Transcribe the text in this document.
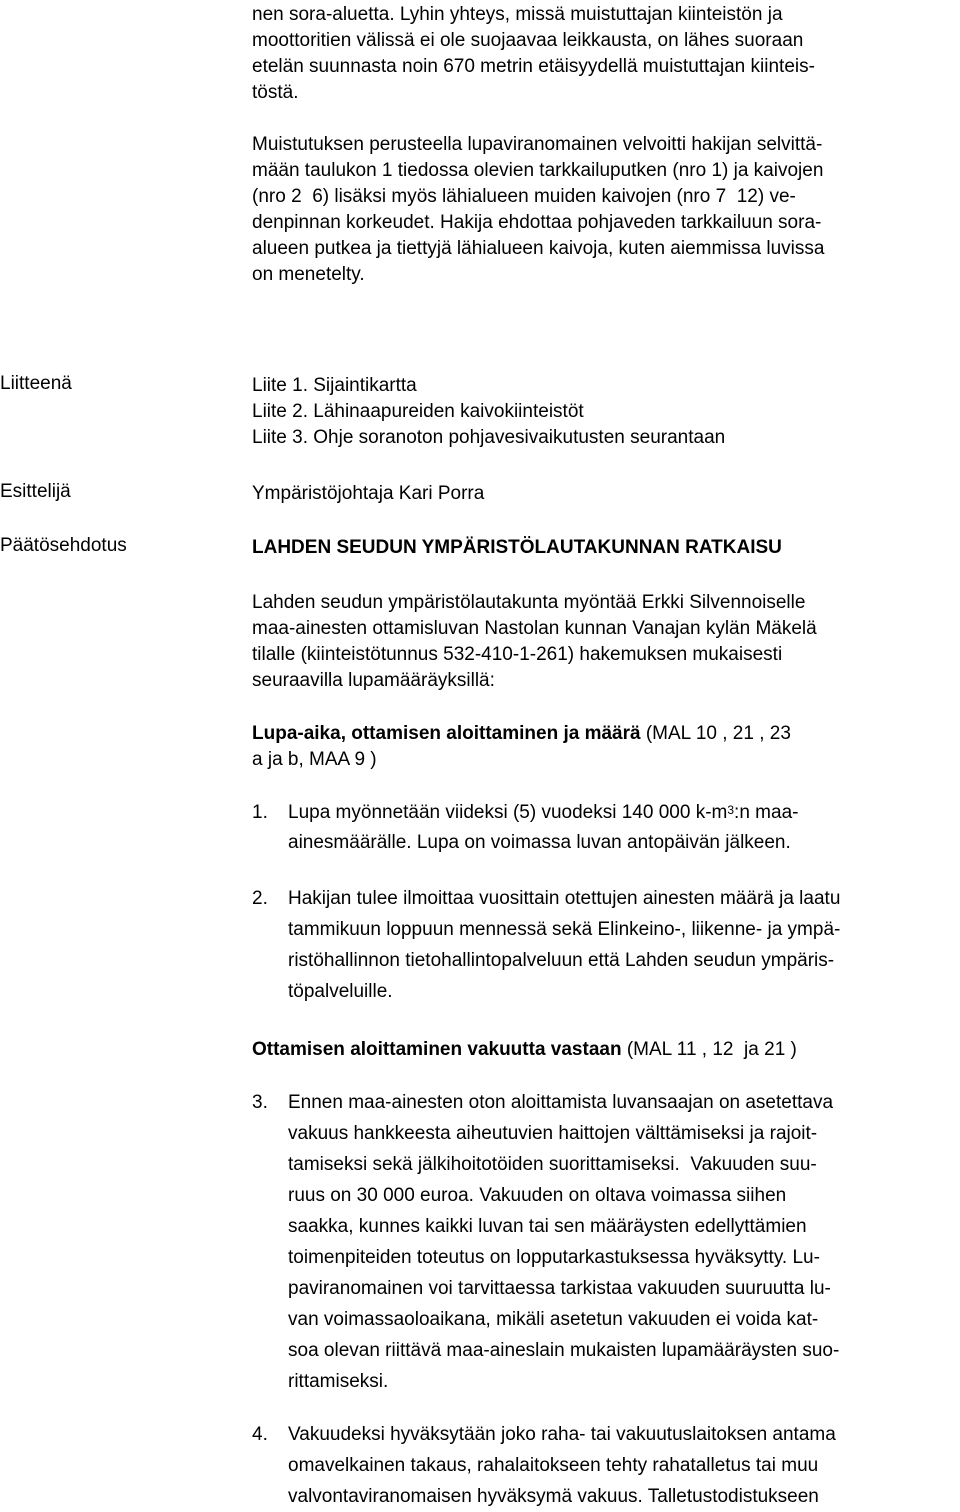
nen sora-aluetta. Lyhin yhteys, missä muistuttajan kiinteistön ja
moottoritien välissä ei ole suojaavaa leikkausta, on lähes suoraan
etelän suunnasta noin 670 metrin etäisyydellä muistuttajan kiinteis-
töstä.
Muistutuksen perusteella lupaviranomainen velvoitti hakijan selvittä-
mään taulukon 1 tiedossa olevien tarkkailuputken (nro 1) ja kaivojen
(nro 2  6) lisäksi myös lähialueen muiden kaivojen (nro 7  12) ve-
denpinnan korkeudet. Hakija ehdottaa pohjaveden tarkkailuun sora-
alueen putkea ja tiettyjä lähialueen kaivoja, kuten aiemmissa luvissa
on menetelty.
Liitteenä
Esittelijä
Päätösehdotus
Liite 1. Sijaintikartta
Liite 2. Lähinaapureiden kaivokiinteistöt
Liite 3. Ohje soranoton pohjavesivaikutusten seurantaan
Ympäristöjohtaja Kari Porra
LAHDEN SEUDUN YMPÄRISTÖLAUTAKUNNAN RATKAISU
Lahden seudun ympäristölautakunta myöntää Erkki Silvennoiselle
maa-ainesten ottamisluvan Nastolan kunnan Vanajan kylän Mäkelä
tilalle (kiinteistötunnus 532-410-1-261) hakemuksen mukaisesti
seuraavilla lupamääräyksillä:
Lupa-aika, ottamisen aloittaminen ja määrä (MAL 10 , 21 , 23
a ja b, MAA 9 )
1.

Lupa myönnetään viideksi (5) vuodeksi 140 000 $k-m^3:n$ maa-

ainesmäärälle. Lupa on voimassa luvan antopäivän jälkeen.

2.

Hakijan tulee ilmoittaa vuosittain otettujen ainesten määrä ja laatu

tammikuun loppuun mennessä sekä Elinkeino-, liikenne- ja ympä-

ristöhallinnon tietohallintopalveluun että Lahden seudun ympäris-

töpalveluille.

Ottamisen aloittaminen vakuutta vastaan (MAL 11 , 12  ja 21 )
3.

Ennen maa-ainesten oton aloittamista luvansaajan on asetettava

vakuus hankkeesta aiheutuvien haittojen välttämiseksi ja rajoit-

tamiseksi sekä jälkihoitotöiden suorittamiseksi.  Vakuuden suu-

ruus on 30 000 euroa. Vakuuden on oltava voimassa siihen

saakka, kunnes kaikki luvan tai sen määräysten edellyttämien

toimenpiteiden toteutus on lopputarkastuksessa hyväksytty. Lu-

paviranomainen voi tarvittaessa tarkistaa vakuuden suuruutta lu-

van voimassaoloaikana, mikäli asetetun vakuuden ei voida kat-

soa olevan riittävä maa-aineslain mukaisten lupamääräysten suo-

rittamiseksi.

4.

Vakuudeksi hyväksytään joko raha- tai vakuutuslaitoksen antama

omavelkainen takaus, rahalaitokseen tehty rahatalletus tai muu

valvontaviranomaisen hyväksymä vakuus. Talletustodistukseen
